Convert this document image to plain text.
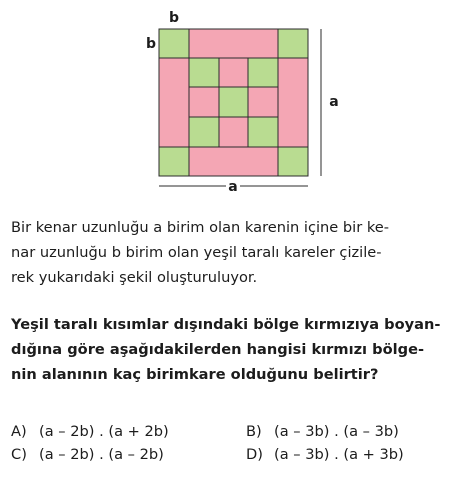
b
b
a
a
Bir kenar uzunluğu a birim olan karenin içine bir ke-
nar uzunluğu b birim olan yeşil taralı kareler çizile-
rek yukarıdaki şekil oluşturuluyor.
Yeşil taralı kısımlar dışındaki bölge kırmızıya boyan-
dığına göre aşağıdakilerden hangisi kırmızı bölge-
nin alanının kaç birimkare olduğunu belirtir?
A) (a – 2b) . (a + 2b)	B) (a – 3b) . (a – 3b)
C) (a – 2b) . (a – 2b)	D) (a – 3b) . (a + 3b)
